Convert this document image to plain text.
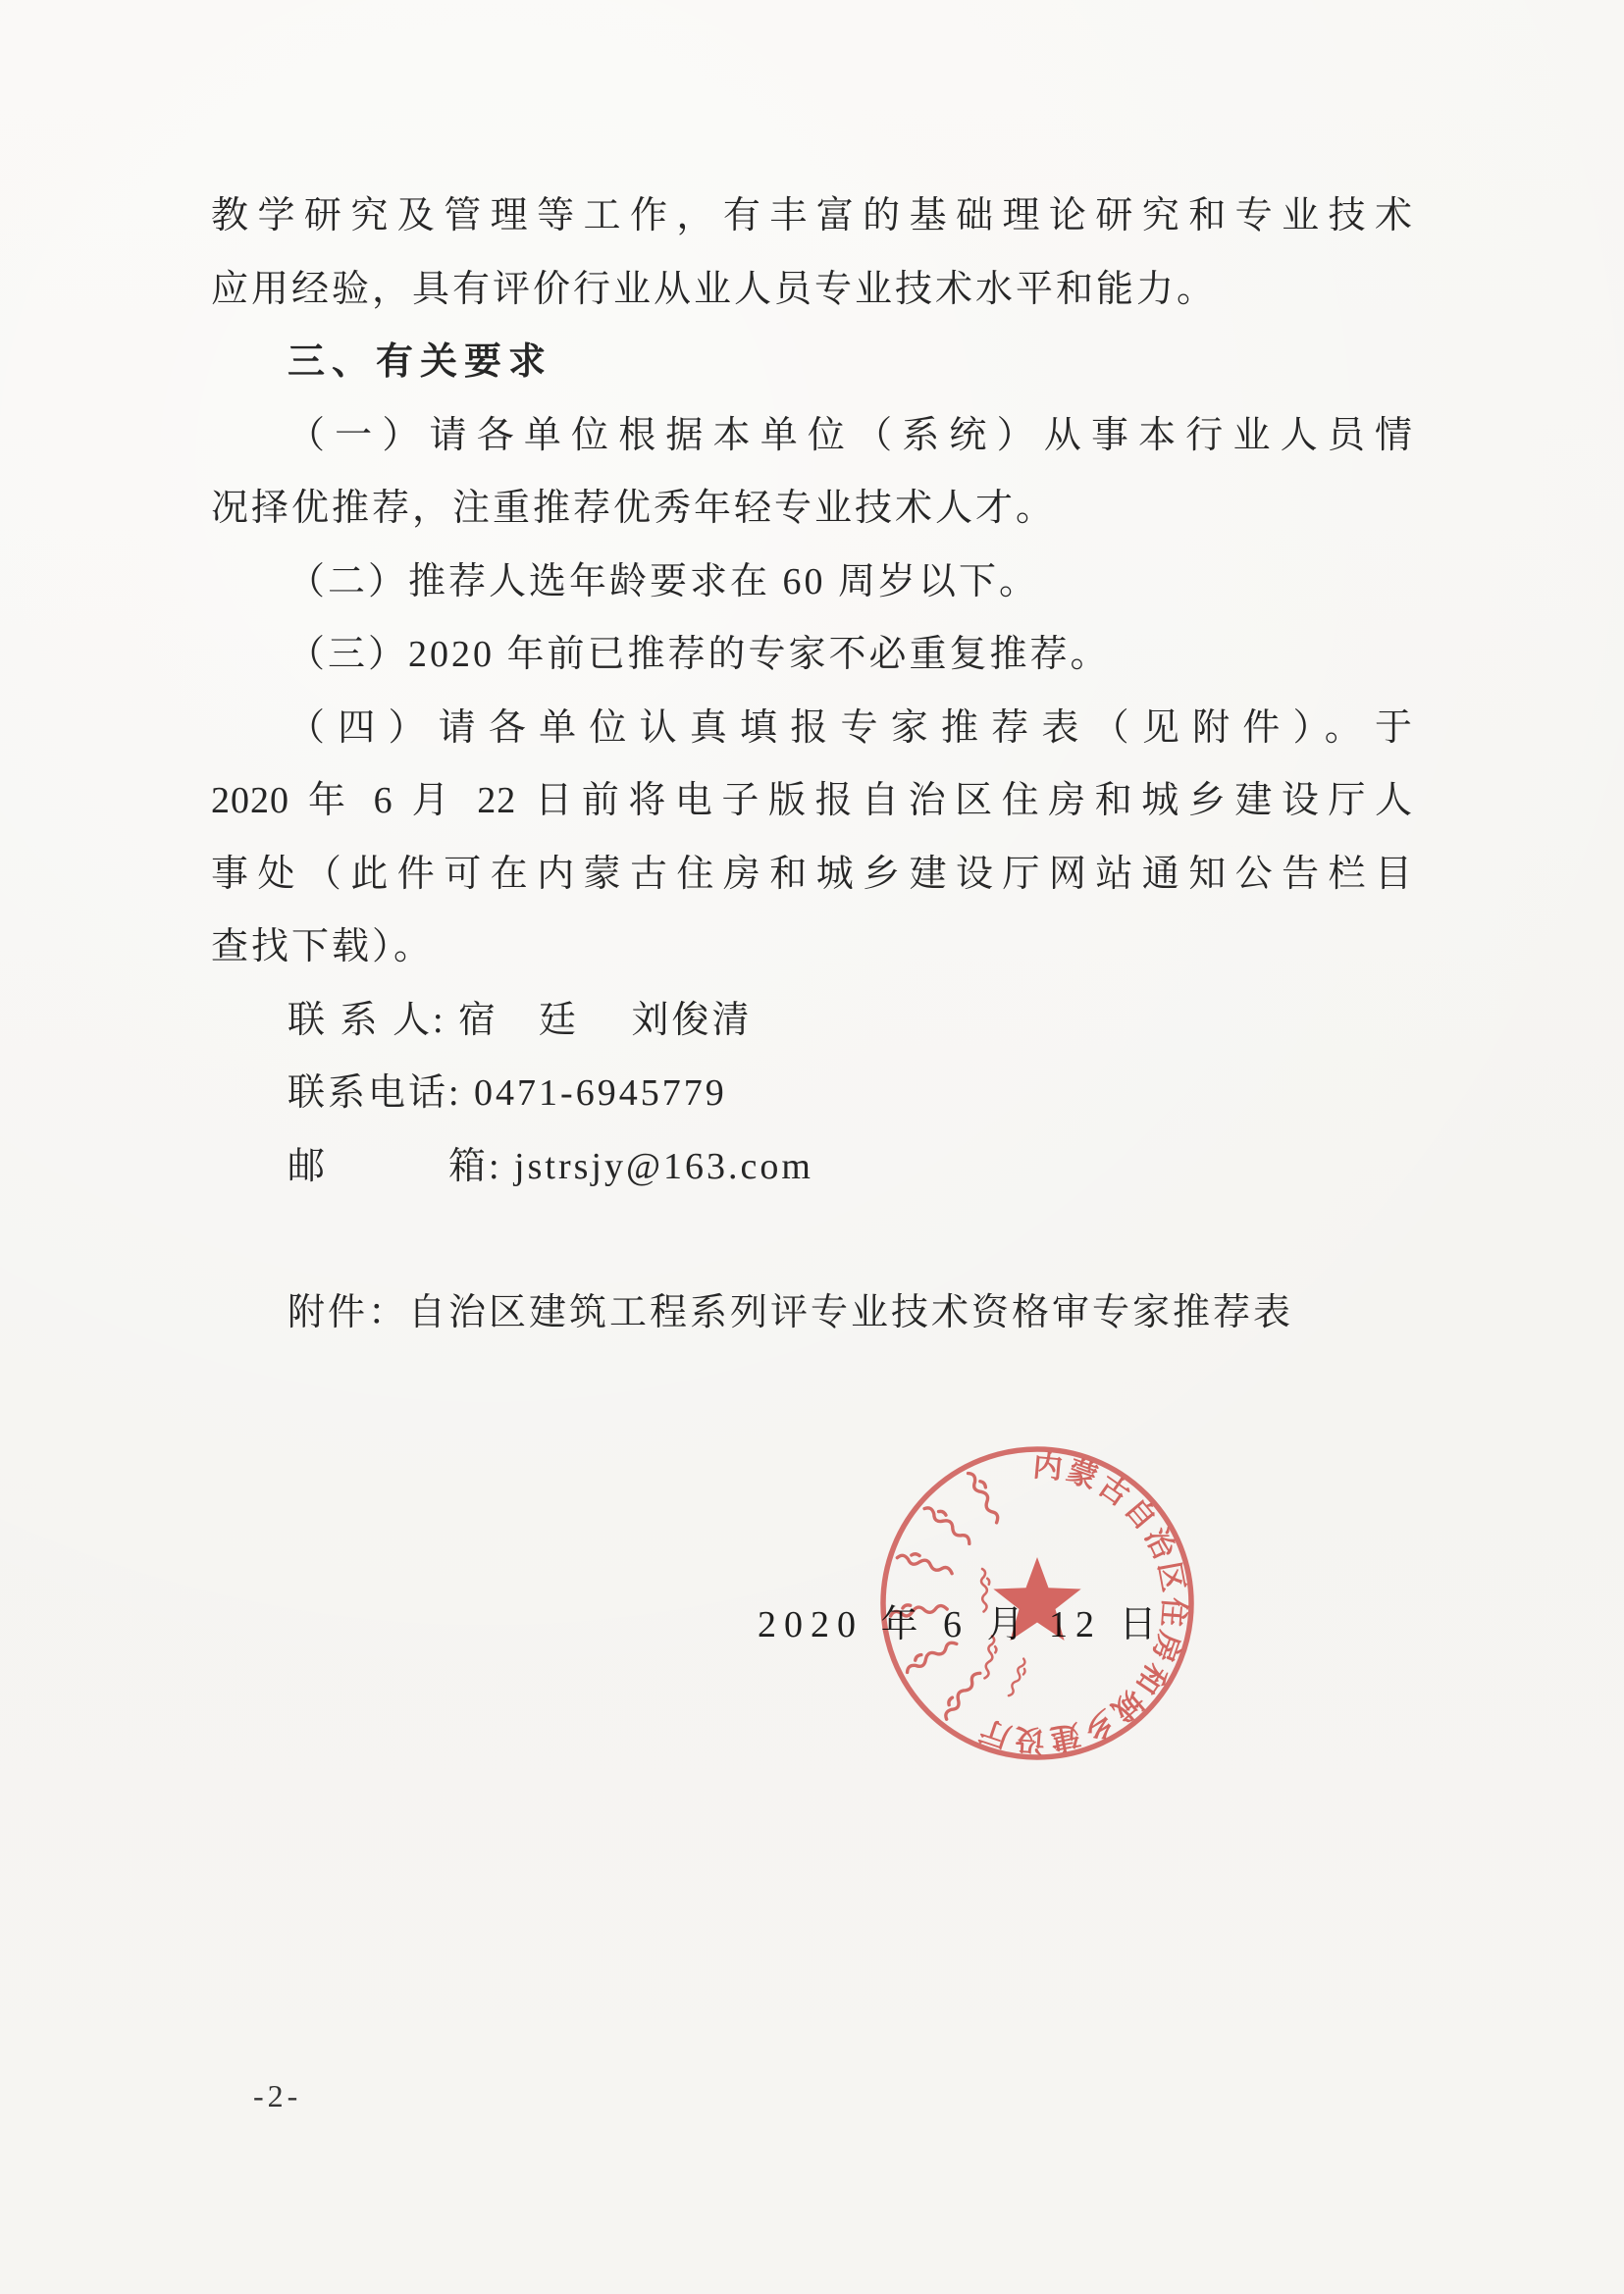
教学研究及管理等工作，有丰富的基础理论研究和专业技术
应用经验，具有评价行业从业人员专业技术水平和能力。
三、有关要求
（一）请各单位根据本单位（系统）从事本行业人员情
况择优推荐，注重推荐优秀年轻专业技术人才。
（二）推荐人选年龄要求在 60 周岁以下。
（三）2020 年前已推荐的专家不必重复推荐。
（四）请各单位认真填报专家推荐表（见附件）。于
2020 年 6 月 22 日前将电子版报自治区住房和城乡建设厅人
事处（此件可在内蒙古住房和城乡建设厅网站通知公告栏目
查找下载）。
联 系 人: 宿　廷　 刘俊清
联系电话: 0471-6945779
邮　　　箱: jstrsjy@163.com
附件：自治区建筑工程系列评专业技术资格审专家推荐表
内蒙古自治区住房和城乡建设厅
2020 年 6 月 12 日
-2-
